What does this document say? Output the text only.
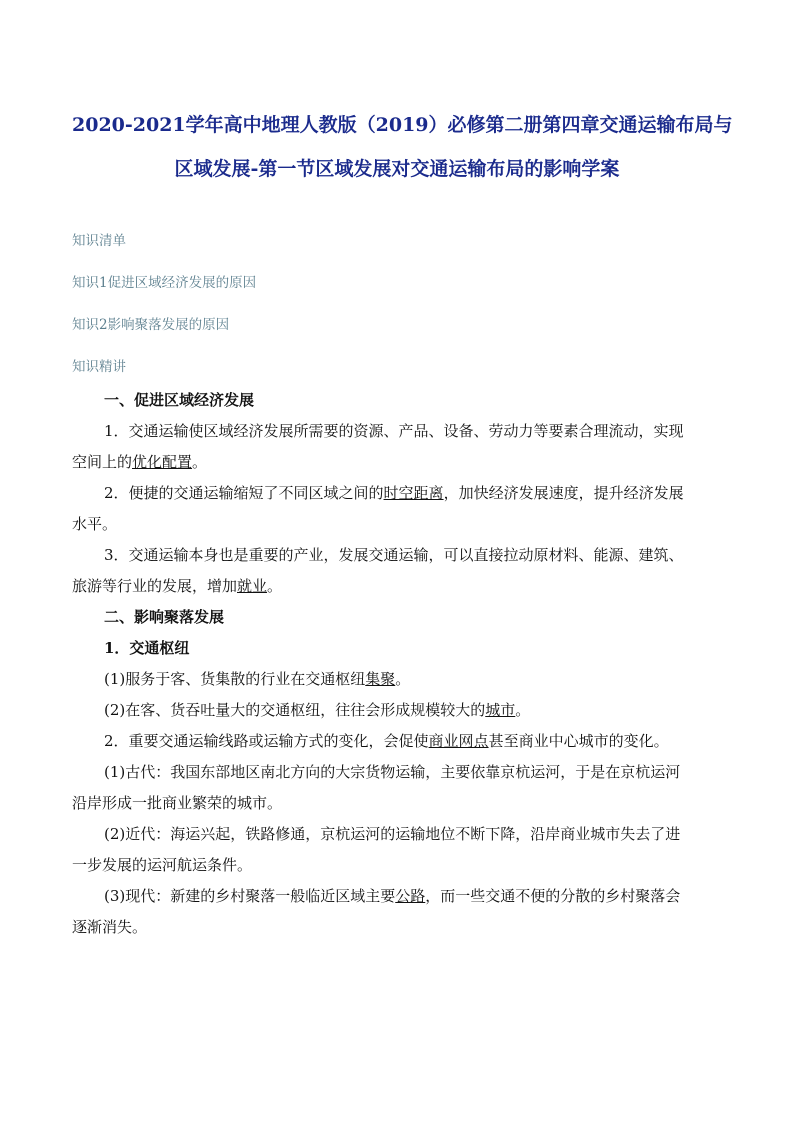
2020-2021学年高中地理人教版（2019）必修第二册第四章交通运输布局与
区域发展-第一节区域发展对交通运输布局的影响学案

知识清单

知识1促进区域经济发展的原因

知识2影响聚落发展的原因

知识精讲

一、促进区域经济发展

1．交通运输使区域经济发展所需要的资源、产品、设备、劳动力等要素合理流动，实现
空间上的优化配置。

2．便捷的交通运输缩短了不同区域之间的时空距离，加快经济发展速度，提升经济发展
水平。

3．交通运输本身也是重要的产业，发展交通运输，可以直接拉动原材料、能源、建筑、
旅游等行业的发展，增加就业。

二、影响聚落发展

1．交通枢纽

(1)服务于客、货集散的行业在交通枢纽集聚。

(2)在客、货吞吐量大的交通枢纽，往往会形成规模较大的城市。

2．重要交通运输线路或运输方式的变化，会促使商业网点甚至商业中心城市的变化。

(1)古代：我国东部地区南北方向的大宗货物运输，主要依靠京杭运河，于是在京杭运河
沿岸形成一批商业繁荣的城市。

(2)近代：海运兴起，铁路修通，京杭运河的运输地位不断下降，沿岸商业城市失去了进
一步发展的运河航运条件。

(3)现代：新建的乡村聚落一般临近区域主要公路，而一些交通不便的分散的乡村聚落会
逐渐消失。
